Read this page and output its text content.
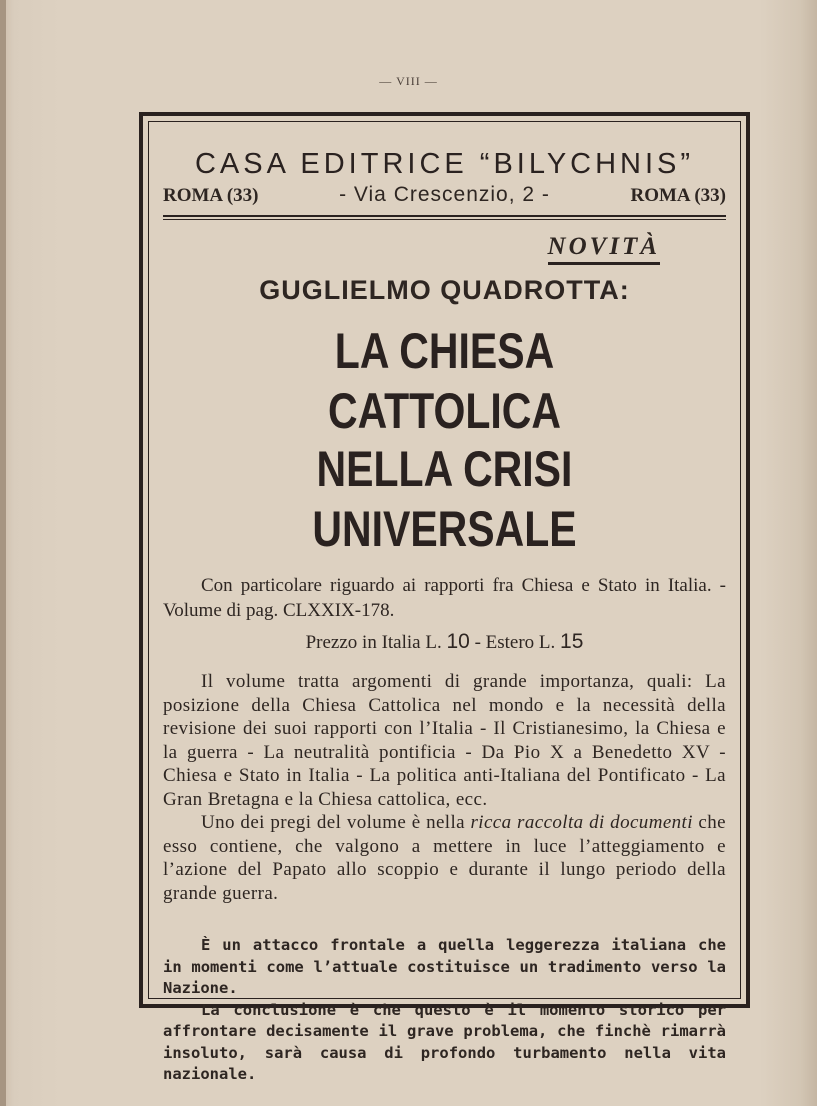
— VIII —
CASA EDITRICE “BILYCHNIS”
ROMA (33)	- Via Crescenzio, 2 -	ROMA (33)
NOVITÀ
GUGLIELMO QUADROTTA:
LA CHIESA CATTOLICA
NELLA CRISI UNIVERSALE
Con particolare riguardo ai rapporti fra Chiesa e Stato in Italia. - Volume di pag. CLXXIX-178.
Prezzo in Italia L. 10 - Estero L. 15
Il volume tratta argomenti di grande importanza, quali: La posizione della Chiesa Cattolica nel mondo e la necessità della revisione dei suoi rapporti con l’Italia - Il Cristianesimo, la Chiesa e la guerra - La neutralità pontificia - Da Pio X a Benedetto XV - Chiesa e Stato in Italia - La politica anti-Italiana del Pontificato - La Gran Bretagna e la Chiesa cattolica, ecc.
Uno dei pregi del volume è nella ricca raccolta di documenti che esso contiene, che valgono a mettere in luce l’atteggiamento e l’azione del Papato allo scoppio e durante il lungo periodo della grande guerra.

È un attacco frontale a quella leggerezza italiana che in momenti come l’attuale costituisce un tradimento verso la Nazione.

La conclusione è che questo è il momento storico per affrontare decisamente il grave problema, che finchè rimarrà insoluto, sarà causa di profondo turbamento nella vita nazionale.
